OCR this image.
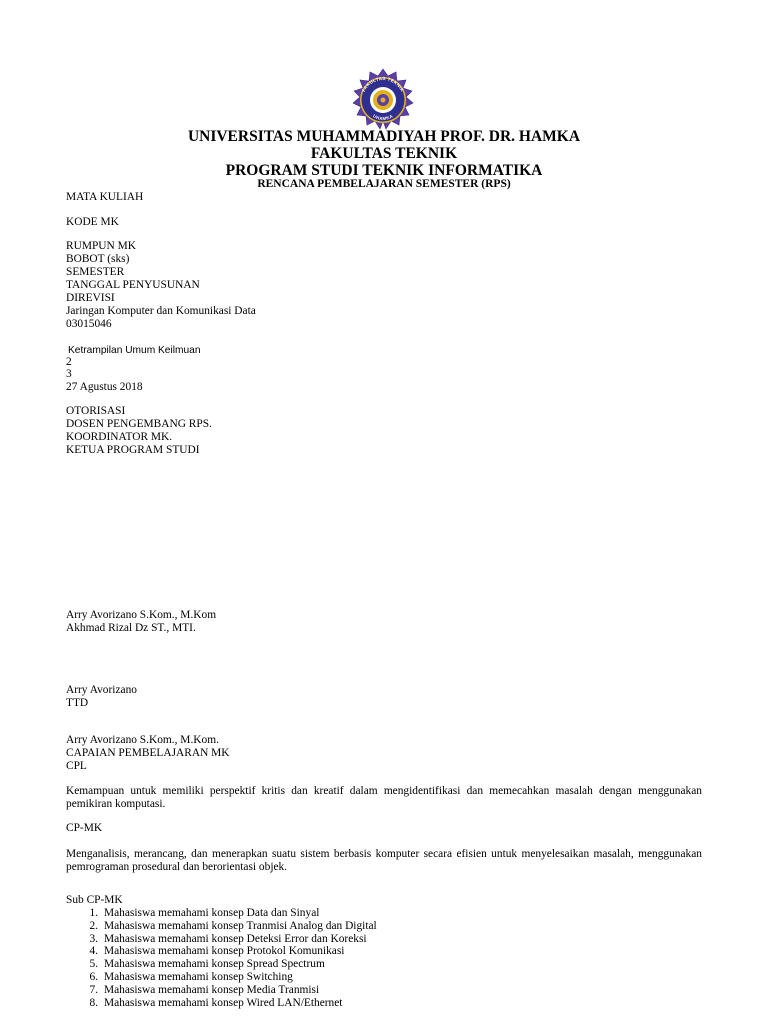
FAKULTAS TEKNIK
UHAMKA
UNIVERSITAS MUHAMMADIYAH PROF. DR. HAMKA
FAKULTAS TEKNIK
PROGRAM STUDI TEKNIK INFORMATIKA
RENCANA PEMBELAJARAN SEMESTER (RPS)
MATA KULIAH
KODE MK
RUMPUN MK
BOBOT (sks)
SEMESTER
TANGGAL PENYUSUNAN
DIREVISI
Jaringan Komputer dan Komunikasi Data
03015046
Ketrampilan Umum Keilmuan
2
3
27 Agustus 2018
OTORISASI
DOSEN PENGEMBANG RPS.
KOORDINATOR MK.
KETUA PROGRAM STUDI
Arry Avorizano S.Kom., M.Kom
Akhmad Rizal Dz ST., MTI.
Arry Avorizano
TTD
Arry Avorizano S.Kom., M.Kom.
CAPAIAN PEMBELAJARAN MK
CPL
Kemampuan untuk memiliki perspektif kritis dan kreatif dalam mengidentifikasi dan memecahkan masalah dengan menggunakan pemikiran komputasi.
CP-MK
Menganalisis, merancang, dan menerapkan suatu sistem berbasis komputer secara efisien untuk menyelesaikan masalah, menggunakan pemrograman prosedural dan berorientasi objek.
Sub CP-MK
1. Mahasiswa memahami konsep Data dan Sinyal
2. Mahasiswa memahami konsep Tranmisi Analog dan Digital
3. Mahasiswa memahami konsep Deteksi Error dan Koreksi
4. Mahasiswa memahami konsep Protokol Komunikasi
5. Mahasiswa memahami konsep Spread Spectrum
6. Mahasiswa memahami konsep Switching
7. Mahasiswa memahami konsep Media Tranmisi
8. Mahasiswa memahami konsep Wired LAN/Ethernet
